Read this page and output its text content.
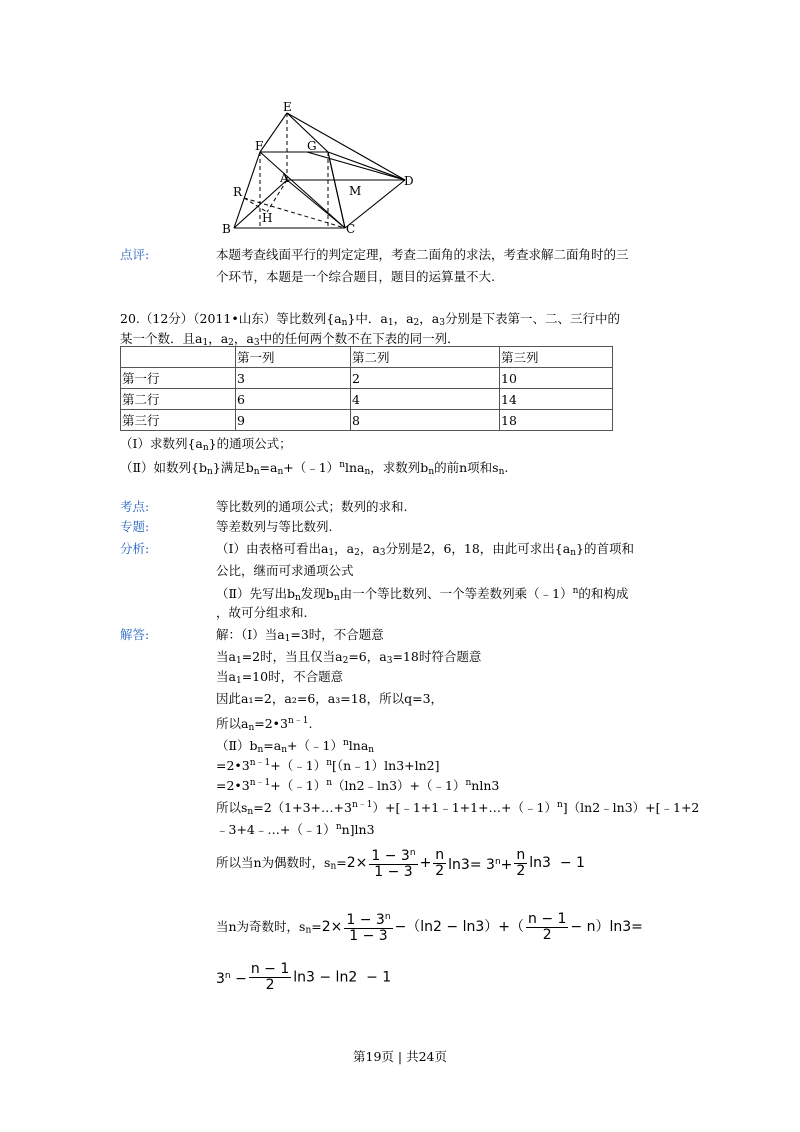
E
F	G
A
M
D
R
H
B	C
点评:	本题考查线面平行的判定定理，考查二面角的求法，考查求解二面角时的三
个环节，本题是一个综合题目，题目的运算量不大.
20.（12分）（2011•山东）等比数列$\{a_n\}$中．$a_1$，$a_2$，$a_3$分别是下表第一、二、三行中的
某一个数．且$a_1$，$a_2$，$a_3$中的任何两个数不在下表的同一列．
	第一列	第二列	第三列
第一行	3	2	10
第二行	6	4	14
第三行	9	8	18
（Ⅰ）求数列$\{a_n\}$的通项公式；
（Ⅱ）如数列$\{b_n\}$满足$b_n=a_n+(﹣1)^n\ln a_n$，求数列$b_n$的前n项和$s_n$.
考点:	等比数列的通项公式；数列的求和.
专题:	等差数列与等比数列.
分析:	（Ⅰ）由表格可看出$a_1$，$a_2$，$a_3$分别是2，6，18，由此可求出$\{a_n\}$的首项和
公比，继而可求通项公式
（Ⅱ）先写出$b_n$发现$b_n$由一个等比数列、一个等差数列乘（﹣1）$^n$的和构成
，故可分组求和.
解答:	解：（Ⅰ）当$a_1=3$时，不合题意
当$a_1=2$时，当且仅当$a_2=6$，$a_3=18$时符合题意
当$a_1=10$时，不合题意
因此a₁=2，a₂=6，a₃=18，所以q=3，
所以$a_n=2•3^{n﹣1}$.
$(Ⅱ)b_n=a_n+(﹣1)^n\ln a_n$
$=2•3^{n﹣1}+(﹣1)^n[(n﹣1)\ln 3+\ln 2]$
$=2•3^{n﹣1}+(﹣1)^n(\ln 2﹣\ln 3)+(﹣1)^nnln3$
所以$s_n=2(1+3+\dots+3^{n﹣1})+[﹣1+1﹣1+1+\dots+(﹣1)^n](\ln 2﹣\ln 3)+[﹣1+2$
﹣3+4﹣…+（﹣1）$^n$n]ln3
所以当n为偶数时，$s_n=2\times \frac{1 - 3^n}{1 - 3} + \frac{n}{2} \ln 3= 3^n+ \frac{n}{2} \ln 3 - 1$
当n为奇数时，$s_n=2\times \frac{1 - 3^n}{1 - 3} -(\ln 2 - \ln 3)+( \frac{n - 1}{2} - n)\ln 3=$
$3^n - \frac{n - 1}{2} \ln 3 - \ln 2 - 1$
第19页 | 共24页
